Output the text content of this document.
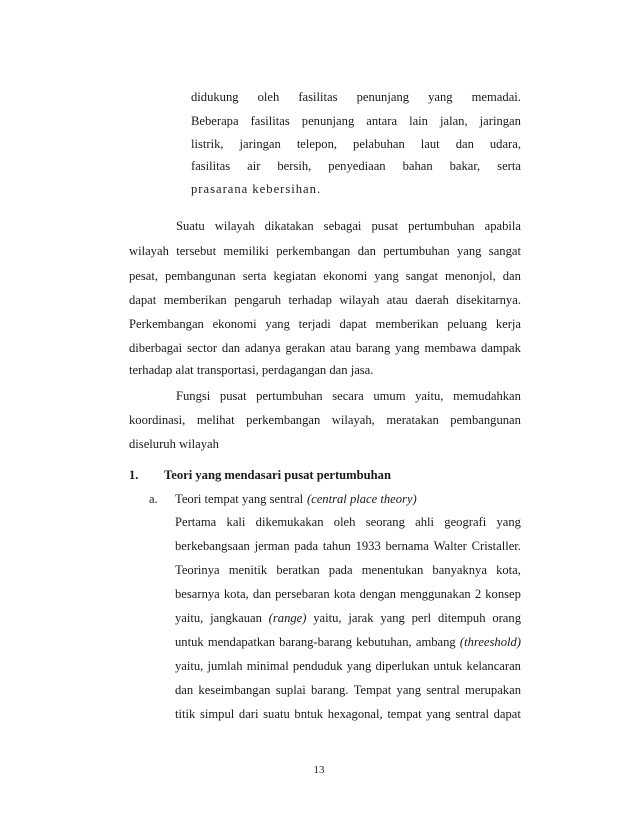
didukung oleh fasilitas penunjang yang memadai.
Beberapa fasilitas penunjang antara lain jalan, jaringan
listrik, jaringan telepon, pelabuhan laut dan udara,
fasilitas air bersih, penyediaan bahan bakar, serta
prasarana kebersihan.
Suatu wilayah dikatakan sebagai pusat pertumbuhan apabila
wilayah tersebut memiliki perkembangan dan pertumbuhan yang sangat
pesat, pembangunan serta kegiatan ekonomi yang sangat menonjol, dan
dapat memberikan pengaruh terhadap wilayah atau daerah disekitarnya.
Perkembangan ekonomi yang terjadi dapat memberikan peluang kerja
diberbagai sector dan adanya gerakan atau barang yang membawa dampak
terhadap alat transportasi, perdagangan dan jasa.
Fungsi pusat pertumbuhan secara umum yaitu, memudahkan
koordinasi, melihat perkembangan wilayah, meratakan pembangunan
diseluruh wilayah
1. Teori yang mendasari pusat pertumbuhan
a. Teori tempat yang sentral (central place theory)
Pertama kali dikemukakan oleh seorang ahli geografi yang
berkebangsaan jerman pada tahun 1933 bernama Walter Cristaller.
Teorinya menitik beratkan pada menentukan banyaknya kota,
besarnya kota, dan persebaran kota dengan menggunakan 2 konsep
yaitu, jangkauan (range) yaitu, jarak yang perl ditempuh orang
untuk mendapatkan barang-barang kebutuhan, ambang (threeshold)
yaitu, jumlah minimal penduduk yang diperlukan untuk kelancaran
dan keseimbangan suplai barang. Tempat yang sentral merupakan
titik simpul dari suatu bntuk hexagonal, tempat yang sentral dapat
13
